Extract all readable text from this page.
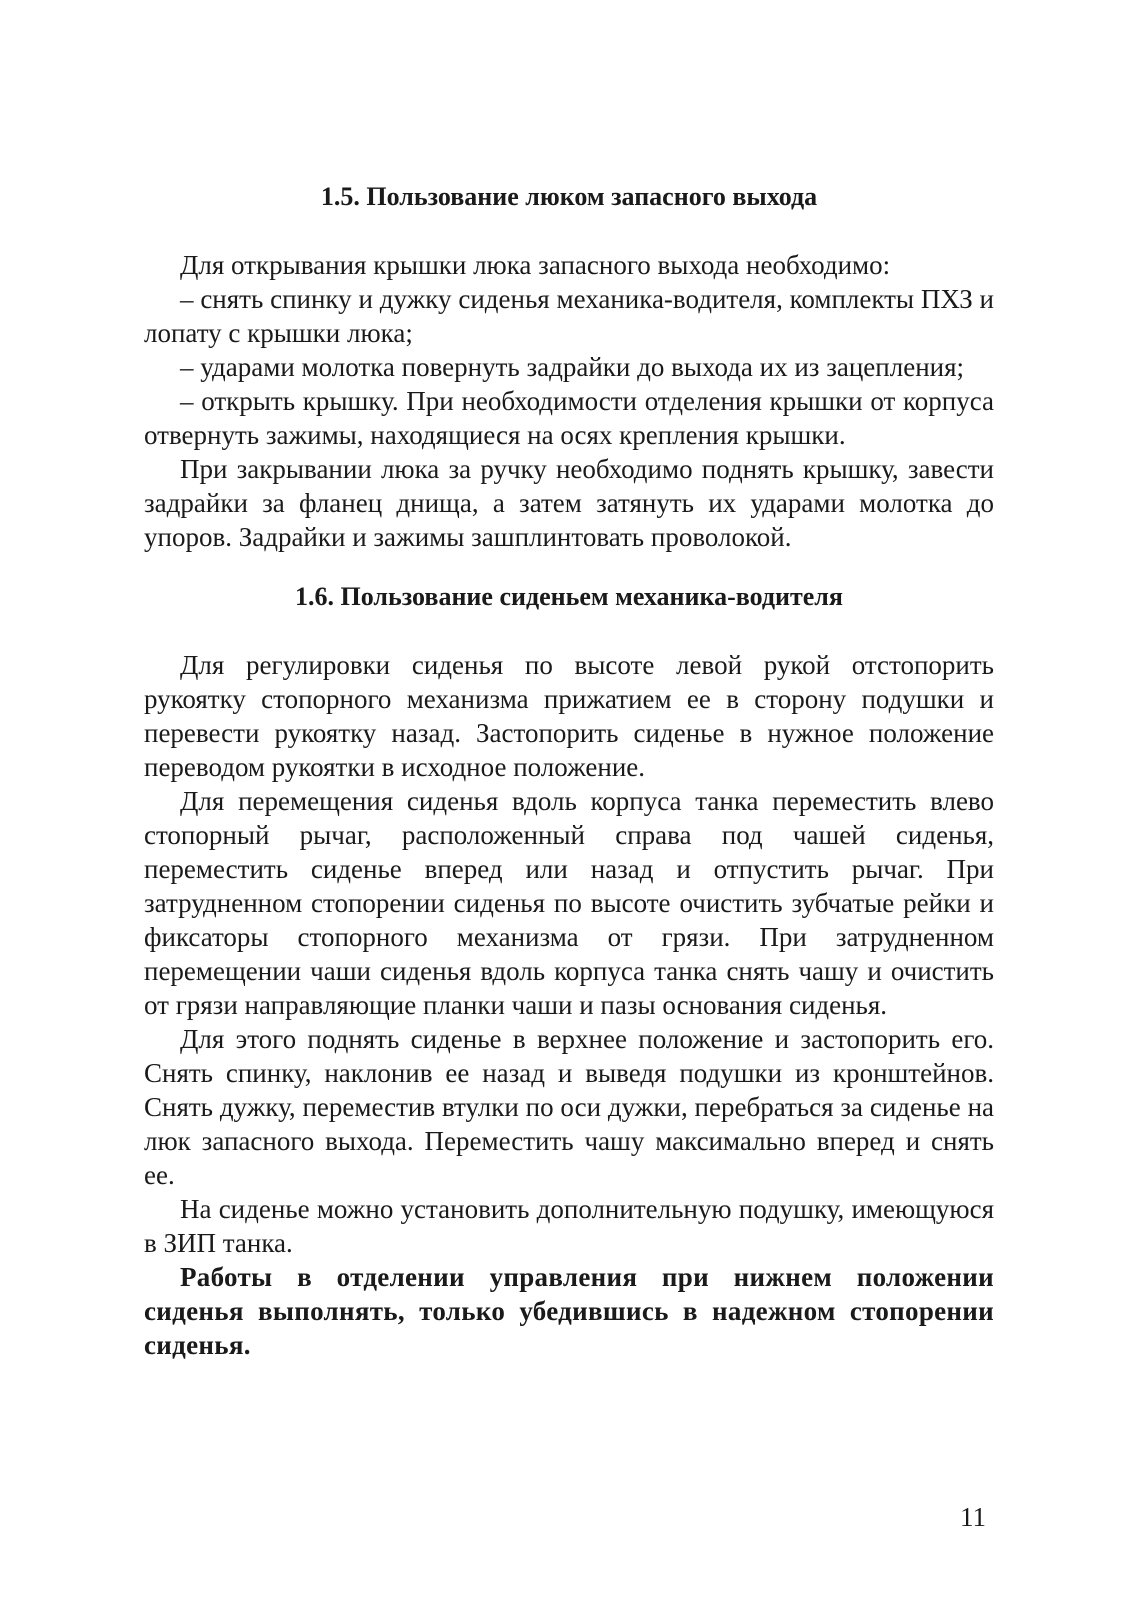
1.5. Пользование люком запасного выхода

Для открывания крышки люка запасного выхода необходимо:

– снять спинку и дужку сиденья механика-водителя, комплекты ПХЗ и лопату с крышки люка;

– ударами молотка повернуть задрайки до выхода их из зацепления;

– открыть крышку. При необходимости отделения крышки от корпуса отвернуть зажимы, находящиеся на осях крепления крышки.

При закрывании люка за ручку необходимо поднять крышку, завести задрайки за фланец днища, а затем затянуть их ударами молотка до упоров. Задрайки и зажимы зашплинтовать проволокой.

1.6. Пользование сиденьем механика-водителя

Для регулировки сиденья по высоте левой рукой отстопорить рукоятку стопорного механизма прижатием ее в сторону подушки и перевести рукоятку назад. Застопорить сиденье в нужное положение переводом рукоятки в исходное положение.

Для перемещения сиденья вдоль корпуса танка переместить влево стопорный рычаг, расположенный справа под чашей сиденья, переместить сиденье вперед или назад и отпустить рычаг. При затрудненном стопорении сиденья по высоте очистить зубчатые рейки и фиксаторы стопорного механизма от грязи. При затрудненном перемещении чаши сиденья вдоль корпуса танка снять чашу и очистить от грязи направляющие планки чаши и пазы основания сиденья.

Для этого поднять сиденье в верхнее положение и застопорить его. Снять спинку, наклонив ее назад и выведя подушки из кронштейнов. Снять дужку, переместив втулки по оси дужки, перебраться за сиденье на люк запасного выхода. Переместить чашу максимально вперед и снять ее.

На сиденье можно установить дополнительную подушку, имеющуюся в ЗИП танка.

Работы в отделении управления при нижнем положении сиденья выполнять, только убедившись в надежном стопорении сиденья.

11
